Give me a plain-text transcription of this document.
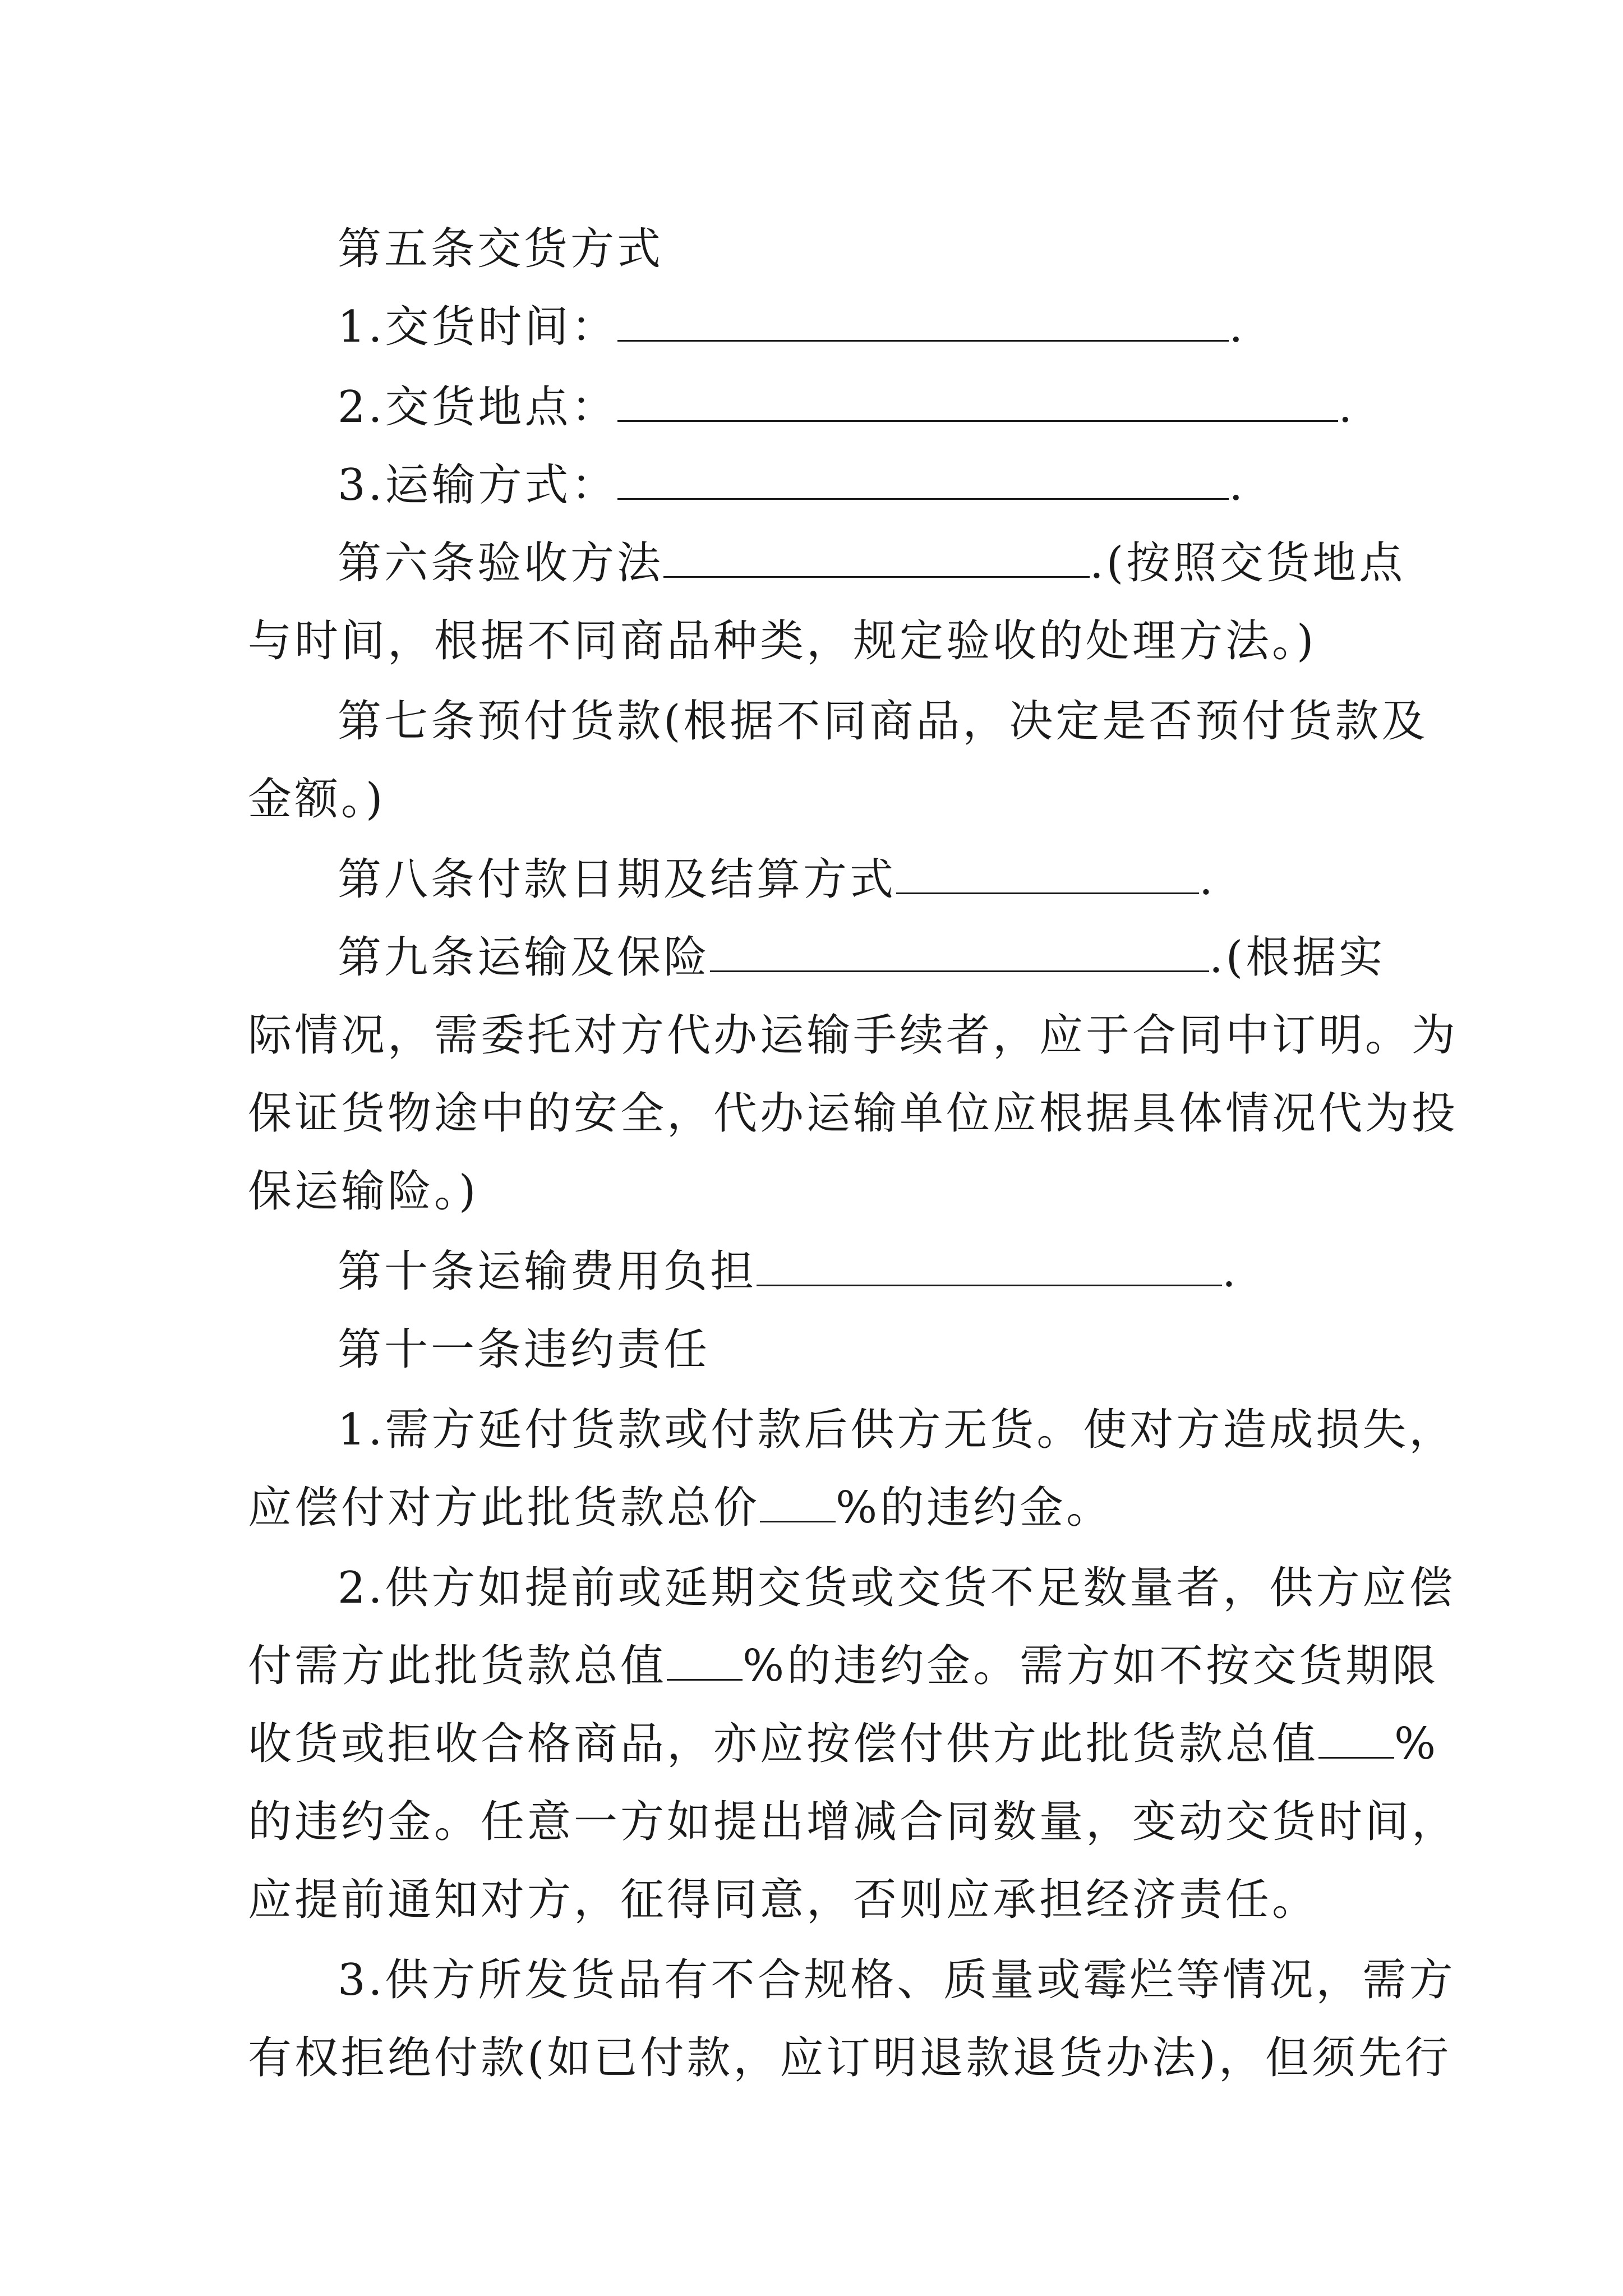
第五条交货方式
1.交货时间：	.
2.交货地点：	.
3.运输方式：	.
第六条验收方法	.(按照交货地点
与时间，根据不同商品种类，规定验收的处理方法。)
第七条预付货款(根据不同商品，决定是否预付货款及
金额。)
第八条付款日期及结算方式	.
第九条运输及保险	.(根据实
际情况，需委托对方代办运输手续者，应于合同中订明。为
保证货物途中的安全，代办运输单位应根据具体情况代为投
保运输险。)
第十条运输费用负担	.
第十一条违约责任
1.需方延付货款或付款后供方无货。使对方造成损失，
应偿付对方此批货款总价 %的违约金。
2.供方如提前或延期交货或交货不足数量者，供方应偿
付需方此批货款总值 %的违约金。需方如不按交货期限
收货或拒收合格商品，亦应按偿付供方此批货款总值 %
的违约金。任意一方如提出增减合同数量，变动交货时间，
应提前通知对方，征得同意，否则应承担经济责任。
3.供方所发货品有不合规格、质量或霉烂等情况，需方
有权拒绝付款(如已付款，应订明退款退货办法)，但须先行
